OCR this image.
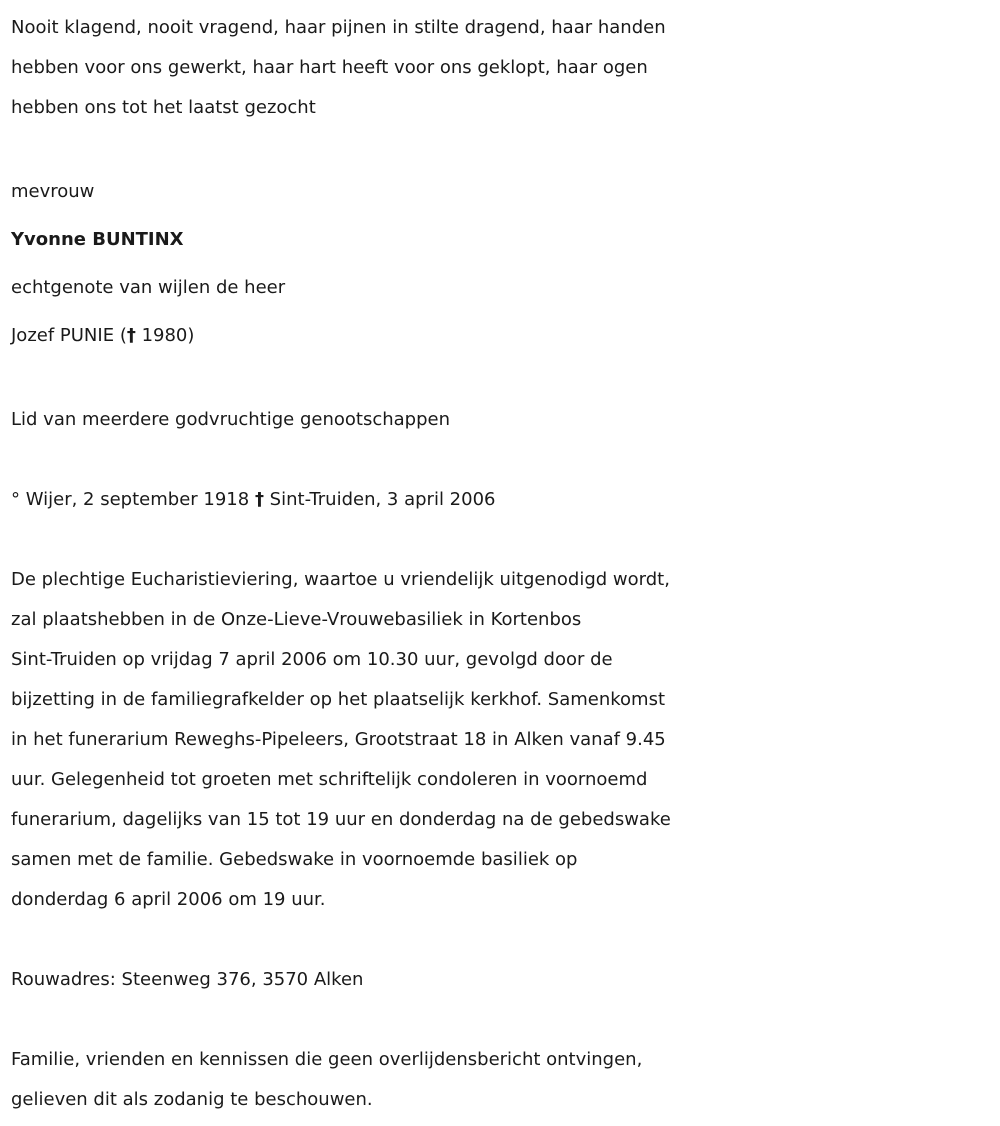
Nooit klagend, nooit vragend, haar pijnen in stilte dragend, haar handen

hebben voor ons gewerkt, haar hart heeft voor ons geklopt, haar ogen

hebben ons tot het laatst gezocht

mevrouw

Yvonne BUNTINX

echtgenote van wijlen de heer

Jozef PUNIE († 1980)

Lid van meerdere godvruchtige genootschappen

° Wijer, 2 september 1918 † Sint-Truiden, 3 april 2006

De plechtige Eucharistieviering, waartoe u vriendelijk uitgenodigd wordt,

zal plaatshebben in de Onze-Lieve-Vrouwebasiliek in Kortenbos

Sint-Truiden op vrijdag 7 april 2006 om 10.30 uur, gevolgd door de

bijzetting in de familiegrafkelder op het plaatselijk kerkhof. Samenkomst

in het funerarium Reweghs-Pipeleers, Grootstraat 18 in Alken vanaf 9.45

uur. Gelegenheid tot groeten met schriftelijk condoleren in voornoemd

funerarium, dagelijks van 15 tot 19 uur en donderdag na de gebedswake

samen met de familie. Gebedswake in voornoemde basiliek op

donderdag 6 april 2006 om 19 uur.

Rouwadres: Steenweg 376, 3570 Alken

Familie, vrienden en kennissen die geen overlijdensbericht ontvingen,

gelieven dit als zodanig te beschouwen.
